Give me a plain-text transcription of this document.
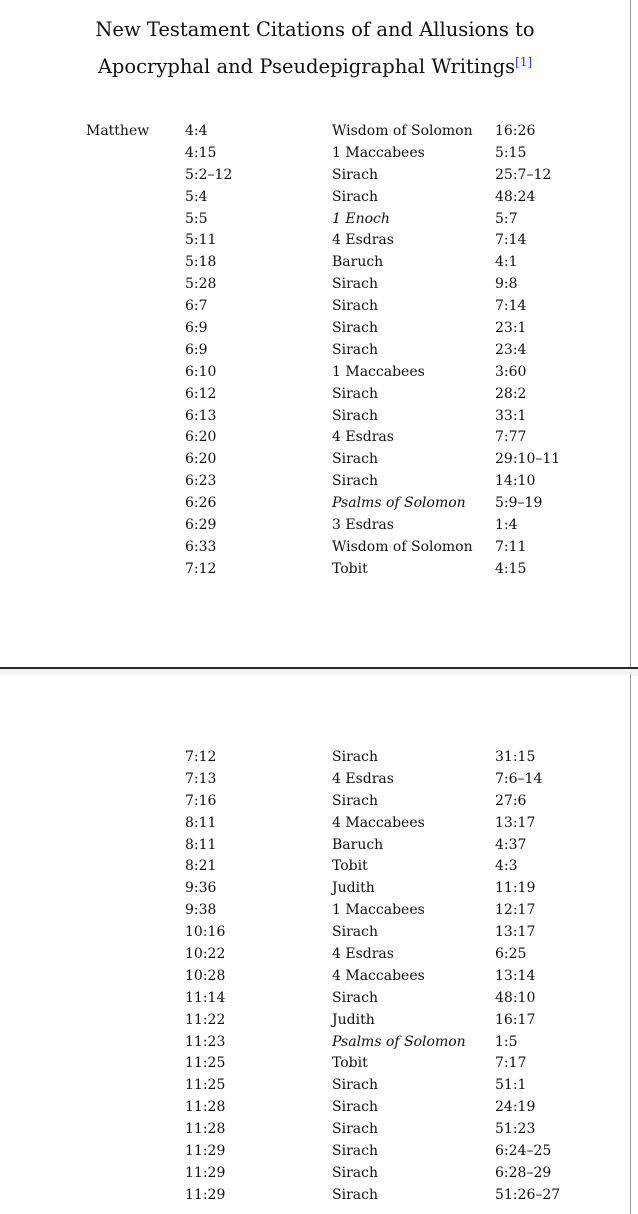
New Testament Citations of and Allusions to
Apocryphal and Pseudepigraphal Writings[1]
Matthew	4:4	Wisdom of Solomon 16:26
4:15	1 Maccabees	5:15
5:2–12	Sirach	25:7–12
5:4	Sirach	48:24
5:5	1 Enoch	5:7
5:11	4 Esdras	7:14
5:18	Baruch	4:1
5:28	Sirach	9:8
6:7	Sirach	7:14
6:9	Sirach	23:1
6:9	Sirach	23:4
6:10	1 Maccabees	3:60
6:12	Sirach	28:2
6:13	Sirach	33:1
6:20	4 Esdras	7:77
6:20	Sirach	29:10–11
6:23	Sirach	14:10
6:26	Psalms of Solomon 5:9–19
6:29	3 Esdras	1:4
6:33	Wisdom of Solomon 7:11
7:12	Tobit	4:15
7:12	Sirach	31:15
7:13	4 Esdras	7:6–14
7:16	Sirach	27:6
8:11	4 Maccabees	13:17
8:11	Baruch	4:37
8:21	Tobit	4:3
9:36	Judith	11:19
9:38	1 Maccabees	12:17
10:16	Sirach	13:17
10:22	4 Esdras	6:25
10:28	4 Maccabees	13:14
11:14	Sirach	48:10
11:22	Judith	16:17
11:23	Psalms of Solomon 1:5
11:25	Tobit	7:17
11:25	Sirach	51:1
11:28	Sirach	24:19
11:28	Sirach	51:23
11:29	Sirach	6:24–25
11:29	Sirach	6:28–29
11:29	Sirach	51:26–27
